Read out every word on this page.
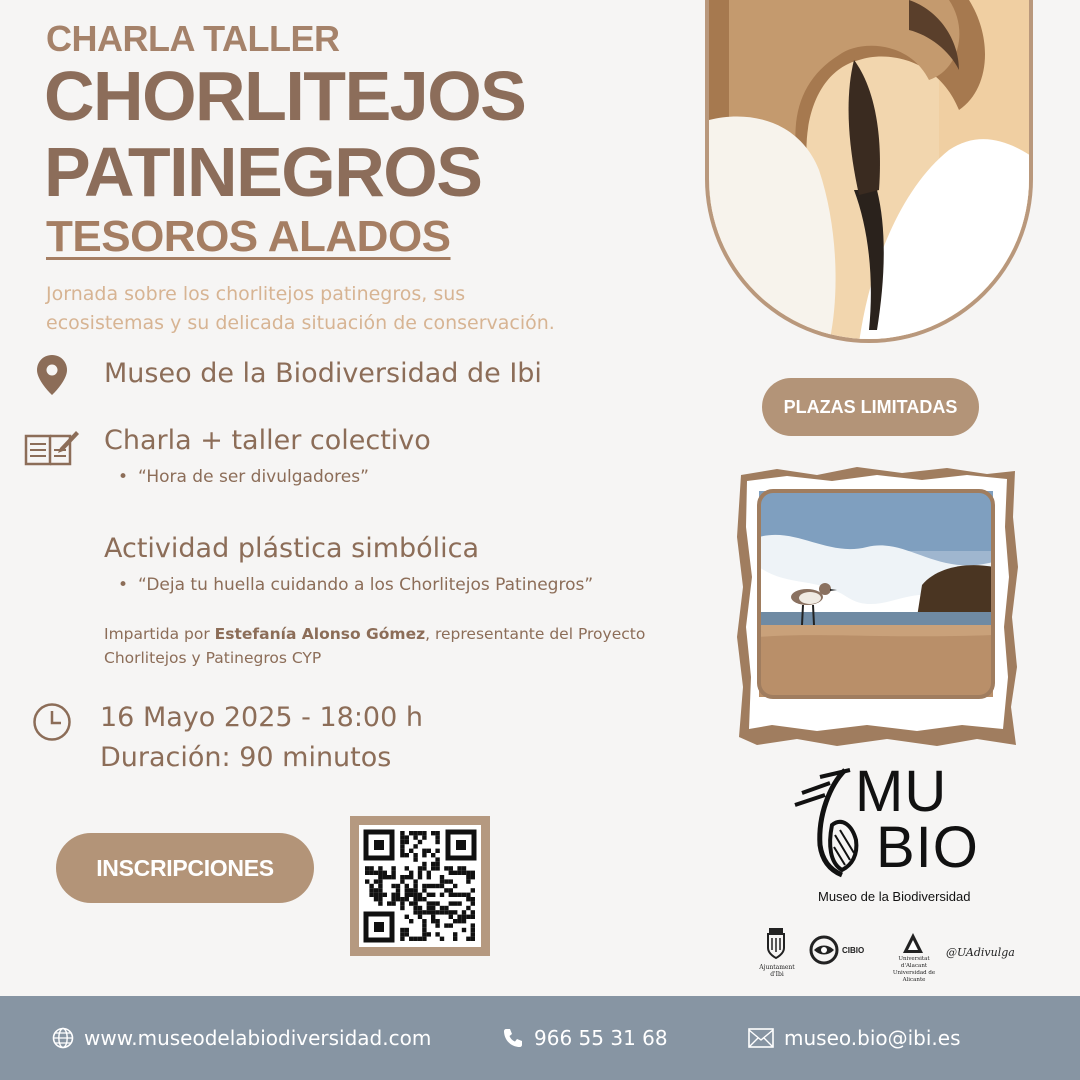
CHARLA TALLER
CHORLITEJOS
PATINEGROS
TESOROS ALADOS
Jornada sobre los chorlitejos patinegros, sus
ecosistemas y su delicada situación de conservación.
Museo de la Biodiversidad de Ibi
Charla + taller colectivo
• “Hora de ser divulgadores”
Actividad plástica simbólica
• “Deja tu huella cuidando a los Chorlitejos Patinegros”
Impartida por Estefanía Alonso Gómez, representante del Proyecto Chorlitejos y Patinegros CYP
16 Mayo 2025 - 18:00 h
Duración: 90 minutos
INSCRIPCIONES
PLAZAS LIMITADAS
MU
BIO
Museo de la Biodiversidad
Ajuntament d'Ibi
CIBIO
Universitat d'Alacant Universidad de Alicante
@UAdivulga
www.museodelabiodiversidad.com	966 55 31 68	museo.bio@ibi.es
